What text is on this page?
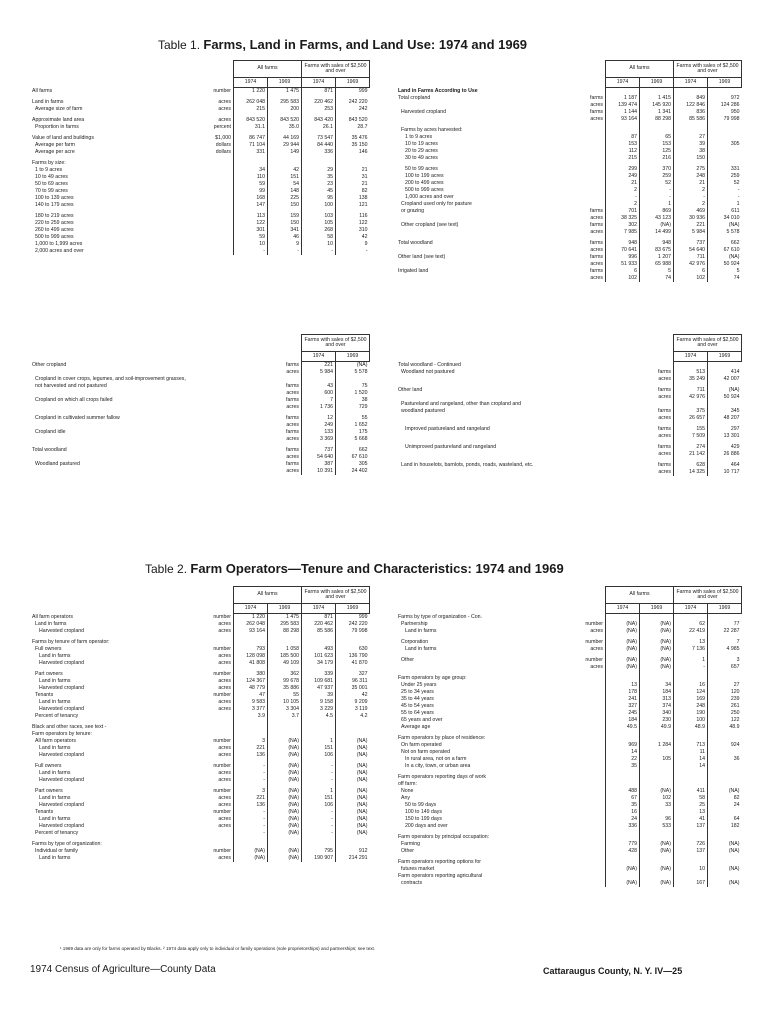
Table 1. Farms, Land in Farms, and Land Use: 1974 and 1969
		All farms		Farms with sales of $2,500 and over	
		1974	1969	1974	1969
All farms	number	1 220	1 475	871	999

Land in farms	acres	262 048	295 583	220 462	242 220
Average size of farm	acres	215	200	253	242

Approximate land area	acres	843 520	843 520	843 420	843 520
Proportion in farms	percent	31.1	35.0	26.1	28.7

Value of land and buildings	$1,000	86 747	44 169	73 547	35 476
Average per farm	dollars	71 104	29 944	84 440	35 150
Average per acre	dollars	331	149	336	146

Farms by size:					
1 to 9 acres		34	42	29	21
10 to 49 acres		110	151	35	31
50 to 69 acres		59	54	23	21
70 to 99 acres		99	148	45	82
100 to 139 acres		168	225	95	138
140 to 179 acres		147	150	100	121

180 to 219 acres		113	159	103	116
220 to 259 acres		122	150	105	122
260 to 499 acres		301	341	268	310
500 to 999 acres		59	46	58	42
1,000 to 1,999 acres		10	9	10	9
2,000 acres and over		-	-	-	-
		Farms with sales of $2,500 and over	
		1974	1969
Other cropland	farms	221	(NA)
	acres	5 984	5 578
Cropland in cover crops, legumes, and soil-improvement grasses,			
not harvested and not pastured	farms	43	75
	acres	600	1 520
Cropland on which all crops failed	farms	7	38
	acres	1 736	729

Cropland in cultivated summer fallow	farms	12	55
	acres	249	1 652
Cropland idle	farms	133	175
	acres	3 369	5 668

Total woodland	farms	737	662
	acres	54 640	67 610
Woodland pastured	farms	387	305
	acres	10 391	24 402
		All farms		Farms with sales of $2,500 and over	
		1974	1969	1974	1969
Land in Farms According to Use					
Total cropland	farms	1 187	1 415	849	972
	acres	139 474	145 920	122 846	124 286
Harvested cropland	farms	1 144	1 341	836	950
	acres	93 164	88 298	85 586	79 998

Farms by acres harvested:					
1 to 9 acres		87	65	27	
10 to 19 acres		153	153	39	305
20 to 29 acres		112	125	38	
30 to 49 acres		215	216	150	

50 to 99 acres		299	370	275	331
100 to 199 acres		249	259	248	259
200 to 499 acres		21	52	21	52
500 to 999 acres		2	-	2	-
1,000 acres and over		-	-	-	-
Cropland used only for pasture		2	1	2	1
or grazing	farms	701	869	469	611
	acres	38 325	43 123	30 936	34 010
Other cropland (see text)	farms	302	(NA)	221	(NA)
	acres	7 985	14 499	5 984	5 578

Total woodland	farms	948	948	737	662
	acres	70 641	83 675	54 640	67 610
Other land (see text)	farms	996	1 207	711	(NA)
	acres	51 933	65 988	42 976	50 924
Irrigated land	farms	6	5	6	5
	acres	102	74	102	74
		Farms with sales of $2,500 and over	
		1974	1969
Total woodland - Continued			
Woodland not pastured	farms	513	414
	acres	35 249	42 007

Other land	farms	711	(NA)
	acres	42 976	50 924
Pastureland and rangeland, other than cropland and			
woodland pastured	farms	375	345
	acres	26 657	48 207

Improved pastureland and rangeland	farms	155	297
	acres	7 509	13 301

Unimproved pastureland and rangeland	farms	274	429
	acres	21 142	26 886

Land in houselots, barnlots, ponds, roads, wasteland, etc.	farms	628	464
	acres	14 325	10 717
Table 2. Farm Operators—Tenure and Characteristics: 1974 and 1969
		All farms		Farms with sales of $2,500 and over	
		1974	1969	1974	1969
All farm operators	number	1 220	1 475	871	999
Land in farms	acres	262 048	295 583	220 462	242 220
Harvested cropland	acres	93 164	88 298	85 586	79 998

Farms by tenure of farm operator:					
Full owners	number	793	1 058	493	630
Land in farms	acres	128 098	185 500	101 623	136 790
Harvested cropland	acres	41 808	49 109	34 179	41 870

Part owners	number	380	362	339	327
Land in farms	acres	124 367	99 678	109 681	96 311
Harvested cropland	acres	48 779	35 886	47 937	35 001
Tenants	number	47	55	39	42
Land in farms	acres	9 583	10 105	9 158	9 209
Harvested cropland	acres	3 377	3 304	3 229	3 119
Percent of tenancy		3.9	3.7	4.5	4.2

Black and other races, see text -					
Farm operators by tenure:					
All farm operators	number	3	(NA)	1	(NA)
Land in farms	acres	221	(NA)	151	(NA)
Harvested cropland	acres	136	(NA)	106	(NA)

Full owners	number	-	(NA)	-	(NA)
Land in farms	acres	-	(NA)	-	(NA)
Harvested cropland	acres	-	(NA)	-	(NA)

Part owners	number	3	(NA)	1	(NA)
Land in farms	acres	221	(NA)	151	(NA)
Harvested cropland	acres	136	(NA)	106	(NA)
Tenants	number	-	(NA)	-	(NA)
Land in farms	acres	-	(NA)	-	(NA)
Harvested cropland	acres	-	(NA)	-	(NA)
Percent of tenancy		-	(NA)	-	(NA)

Farms by type of organization:					
Individual or family	number	(NA)	(NA)	795	912
Land in farms	acres	(NA)	(NA)	190 907	214 291
		All farms		Farms with sales of $2,500 and over	
		1974	1969	1974	1969
Farms by type of organization - Con.					
Partnership	number	(NA)	(NA)	62	77
Land in farms	acres	(NA)	(NA)	22 419	22 287

Corporation	number	(NA)	(NA)	13	7
Land in farms	acres	(NA)	(NA)	7 136	4 985

Other	number	(NA)	(NA)	1	3
	acres	(NA)	(NA)	-	657

Farm operators by age group:					
Under 25 years		13	34	16	27
25 to 34 years		178	184	124	120
35 to 44 years		241	313	169	239
45 to 54 years		327	374	248	261
55 to 64 years		245	340	190	250
65 years and over		184	230	100	122
Average age		49.5	49.9	48.9	48.9

Farm operators by place of residence:					
On farm operated		969	1 284	713	924
Not on farm operated		14		11	
In rural area, not on a farm		22	105	14	36
In a city, town, or urban area		35		14	

Farm operators reporting days of work					
off farm:					
None		488	(NA)	411	(NA)
Any		67	102	58	82
50 to 99 days		35	33	25	24
100 to 149 days		16		13	
150 to 199 days		24	96	41	64
200 days and over		336	533	137	182

Farm operators by principal occupation:					
Farming		779	(NA)	726	(NA)
Other		428	(NA)	137	(NA)

Farm operators reporting options for					
futures market		(NA)	(NA)	10	(NA)
Farm operators reporting agricultural					
contracts		(NA)	(NA)	167	(NA)
¹ 1969 data are only for farms operated by Blacks. ² 1974 data apply only to individual or family operations (sole proprietorships) and partnerships; see text.
1974 Census of Agriculture—County Data	Cattaraugus County, N. Y. IV—25
